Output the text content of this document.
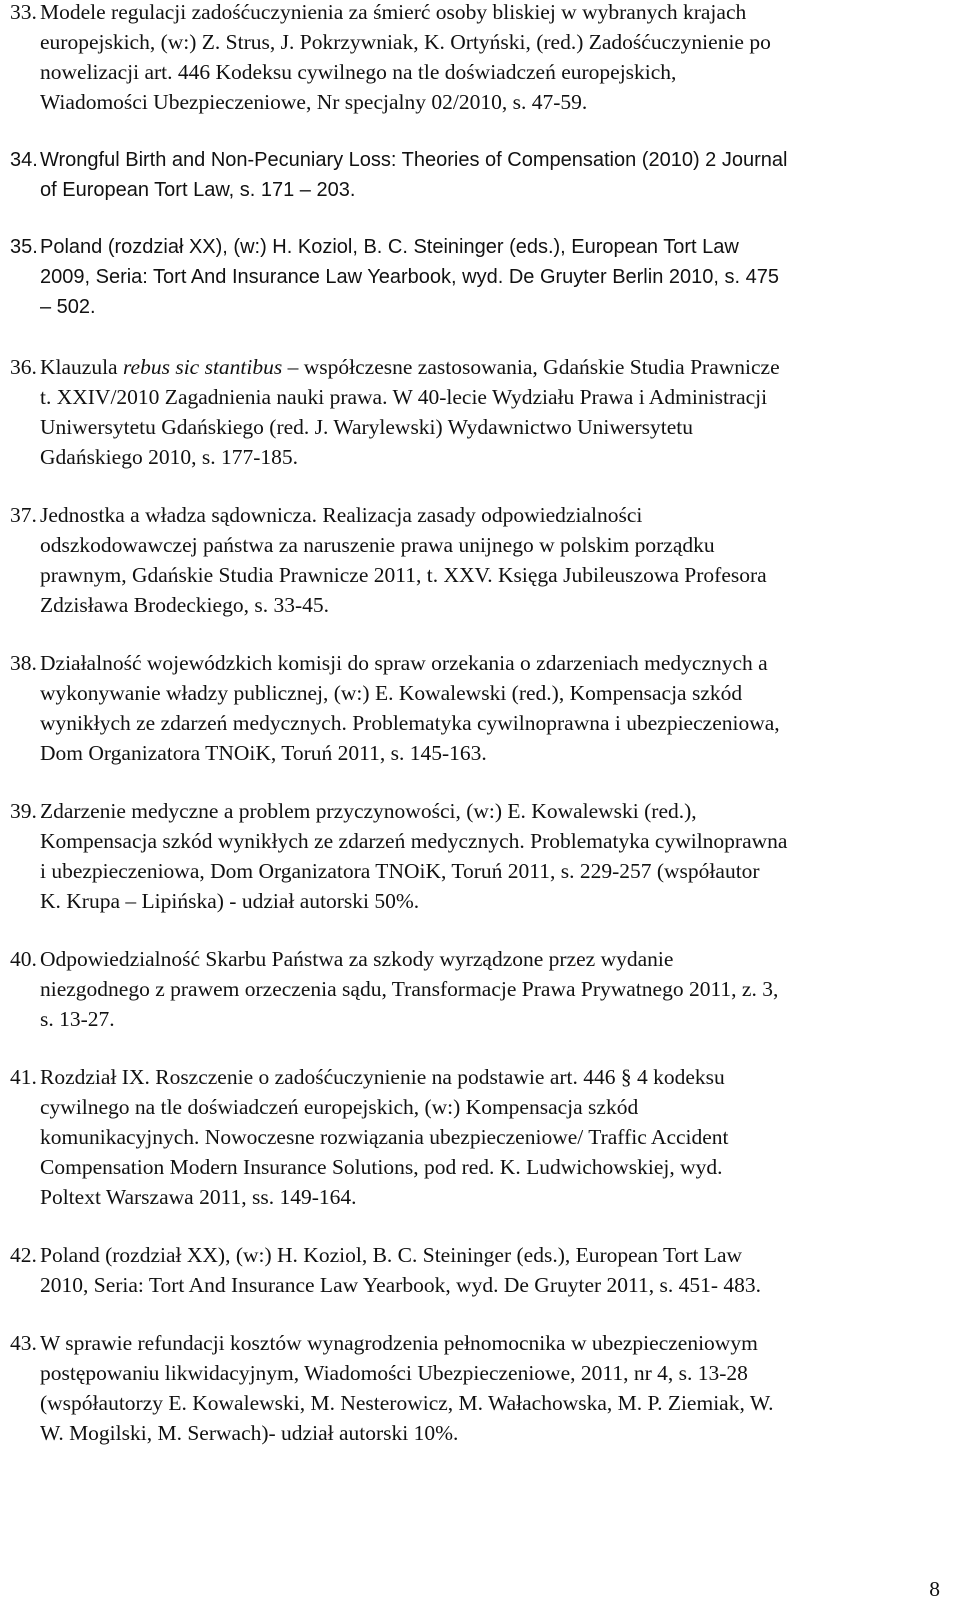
33. Modele regulacji zadośćuczynienia za śmierć osoby bliskiej w wybranych krajach
europejskich, (w:) Z. Strus, J. Pokrzywniak, K. Ortyński, (red.) Zadośćuczynienie po
nowelizacji art. 446 Kodeksu cywilnego na tle doświadczeń europejskich,
Wiadomości Ubezpieczeniowe, Nr specjalny 02/2010, s. 47-59.
34. Wrongful Birth and Non-Pecuniary Loss: Theories of Compensation (2010) 2 Journal
of European Tort Law, s. 171 – 203.
35. Poland (rozdział XX), (w:) H. Koziol, B. C. Steininger (eds.), European Tort Law
2009, Seria: Tort And Insurance Law Yearbook, wyd. De Gruyter Berlin 2010, s. 475
– 502.
36. Klauzula rebus sic stantibus – współczesne zastosowania, Gdańskie Studia Prawnicze
t. XXIV/2010 Zagadnienia nauki prawa. W 40-lecie Wydziału Prawa i Administracji
Uniwersytetu Gdańskiego (red. J. Warylewski) Wydawnictwo Uniwersytetu
Gdańskiego 2010, s. 177-185.
37. Jednostka a władza sądownicza. Realizacja zasady odpowiedzialności
odszkodowawczej państwa za naruszenie prawa unijnego w polskim porządku
prawnym, Gdańskie Studia Prawnicze 2011, t. XXV. Księga Jubileuszowa Profesora
Zdzisława Brodeckiego, s. 33-45.
38. Działalność wojewódzkich komisji do spraw orzekania o zdarzeniach medycznych a
wykonywanie władzy publicznej, (w:) E. Kowalewski (red.), Kompensacja szkód
wynikłych ze zdarzeń medycznych. Problematyka cywilnoprawna i ubezpieczeniowa,
Dom Organizatora TNOiK, Toruń 2011, s. 145-163.
39. Zdarzenie medyczne a problem przyczynowości, (w:) E. Kowalewski (red.),
Kompensacja szkód wynikłych ze zdarzeń medycznych. Problematyka cywilnoprawna
i ubezpieczeniowa, Dom Organizatora TNOiK, Toruń 2011, s. 229-257 (współautor
K. Krupa – Lipińska) - udział autorski 50%.
40. Odpowiedzialność Skarbu Państwa za szkody wyrządzone przez wydanie
niezgodnego z prawem orzeczenia sądu, Transformacje Prawa Prywatnego 2011, z. 3,
s. 13-27.
41. Rozdział IX. Roszczenie o zadośćuczynienie na podstawie art. 446 § 4 kodeksu
cywilnego na tle doświadczeń europejskich, (w:) Kompensacja szkód
komunikacyjnych. Nowoczesne rozwiązania ubezpieczeniowe/ Traffic Accident
Compensation Modern Insurance Solutions, pod red. K. Ludwichowskiej, wyd.
Poltext Warszawa 2011, ss. 149-164.
42. Poland (rozdział XX), (w:) H. Koziol, B. C. Steininger (eds.), European Tort Law
2010, Seria: Tort And Insurance Law Yearbook, wyd. De Gruyter 2011, s. 451- 483.
43. W sprawie refundacji kosztów wynagrodzenia pełnomocnika w ubezpieczeniowym
postępowaniu likwidacyjnym, Wiadomości Ubezpieczeniowe, 2011, nr 4, s. 13-28
(współautorzy E. Kowalewski, M. Nesterowicz, M. Wałachowska, M. P. Ziemiak, W.
W. Mogilski, M. Serwach)- udział autorski 10%.
8
